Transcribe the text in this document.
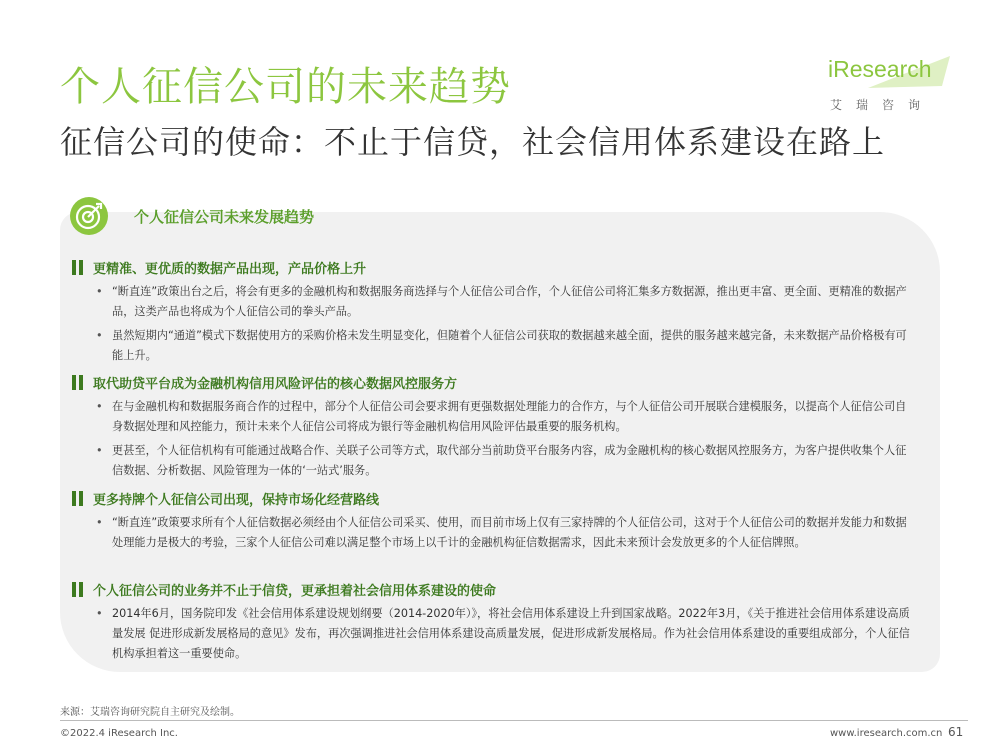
个人征信公司的未来趋势
征信公司的使命：不止于信贷，社会信用体系建设在路上
iResearch
艾瑞咨询
个人征信公司未来发展趋势
更精准、更优质的数据产品出现，产品价格上升
• “断直连”政策出台之后，将会有更多的金融机构和数据服务商选择与个人征信公司合作，个人征信公司将汇集多方数据源，推出更丰富、更全面、更精准的数据产品，这类产品也将成为个人征信公司的拳头产品。
• 虽然短期内“通道”模式下数据使用方的采购价格未发生明显变化，但随着个人征信公司获取的数据越来越全面，提供的服务越来越完备，未来数据产品价格极有可能上升。
取代助贷平台成为金融机构信用风险评估的核心数据风控服务方
• 在与金融机构和数据服务商合作的过程中，部分个人征信公司会要求拥有更强数据处理能力的合作方，与个人征信公司开展联合建模服务，以提高个人征信公司自身数据处理和风控能力，预计未来个人征信公司将成为银行等金融机构信用风险评估最重要的服务机构。
• 更甚至，个人征信机构有可能通过战略合作、关联子公司等方式，取代部分当前助贷平台服务内容，成为金融机构的核心数据风控服务方，为客户提供收集个人征信数据、分析数据、风险管理为一体的‘一站式’服务。
更多持牌个人征信公司出现，保持市场化经营路线
• “断直连”政策要求所有个人征信数据必须经由个人征信公司采买、使用，而目前市场上仅有三家持牌的个人征信公司，这对于个人征信公司的数据并发能力和数据处理能力是极大的考验，三家个人征信公司难以满足整个市场上以千计的金融机构征信数据需求，因此未来预计会发放更多的个人征信牌照。
个人征信公司的业务并不止于信贷，更承担着社会信用体系建设的使命
• 2014年6月，国务院印发《社会信用体系建设规划纲要（2014-2020年）》，将社会信用体系建设上升到国家战略。2022年3月，《关于推进社会信用体系建设高质量发展 促进形成新发展格局的意见》发布，再次强调推进社会信用体系建设高质量发展，促进形成新发展格局。作为社会信用体系建设的重要组成部分，个人征信机构承担着这一重要使命。
来源：艾瑞咨询研究院自主研究及绘制。
©2022.4 iResearch Inc.	www.iresearch.com.cn 61
